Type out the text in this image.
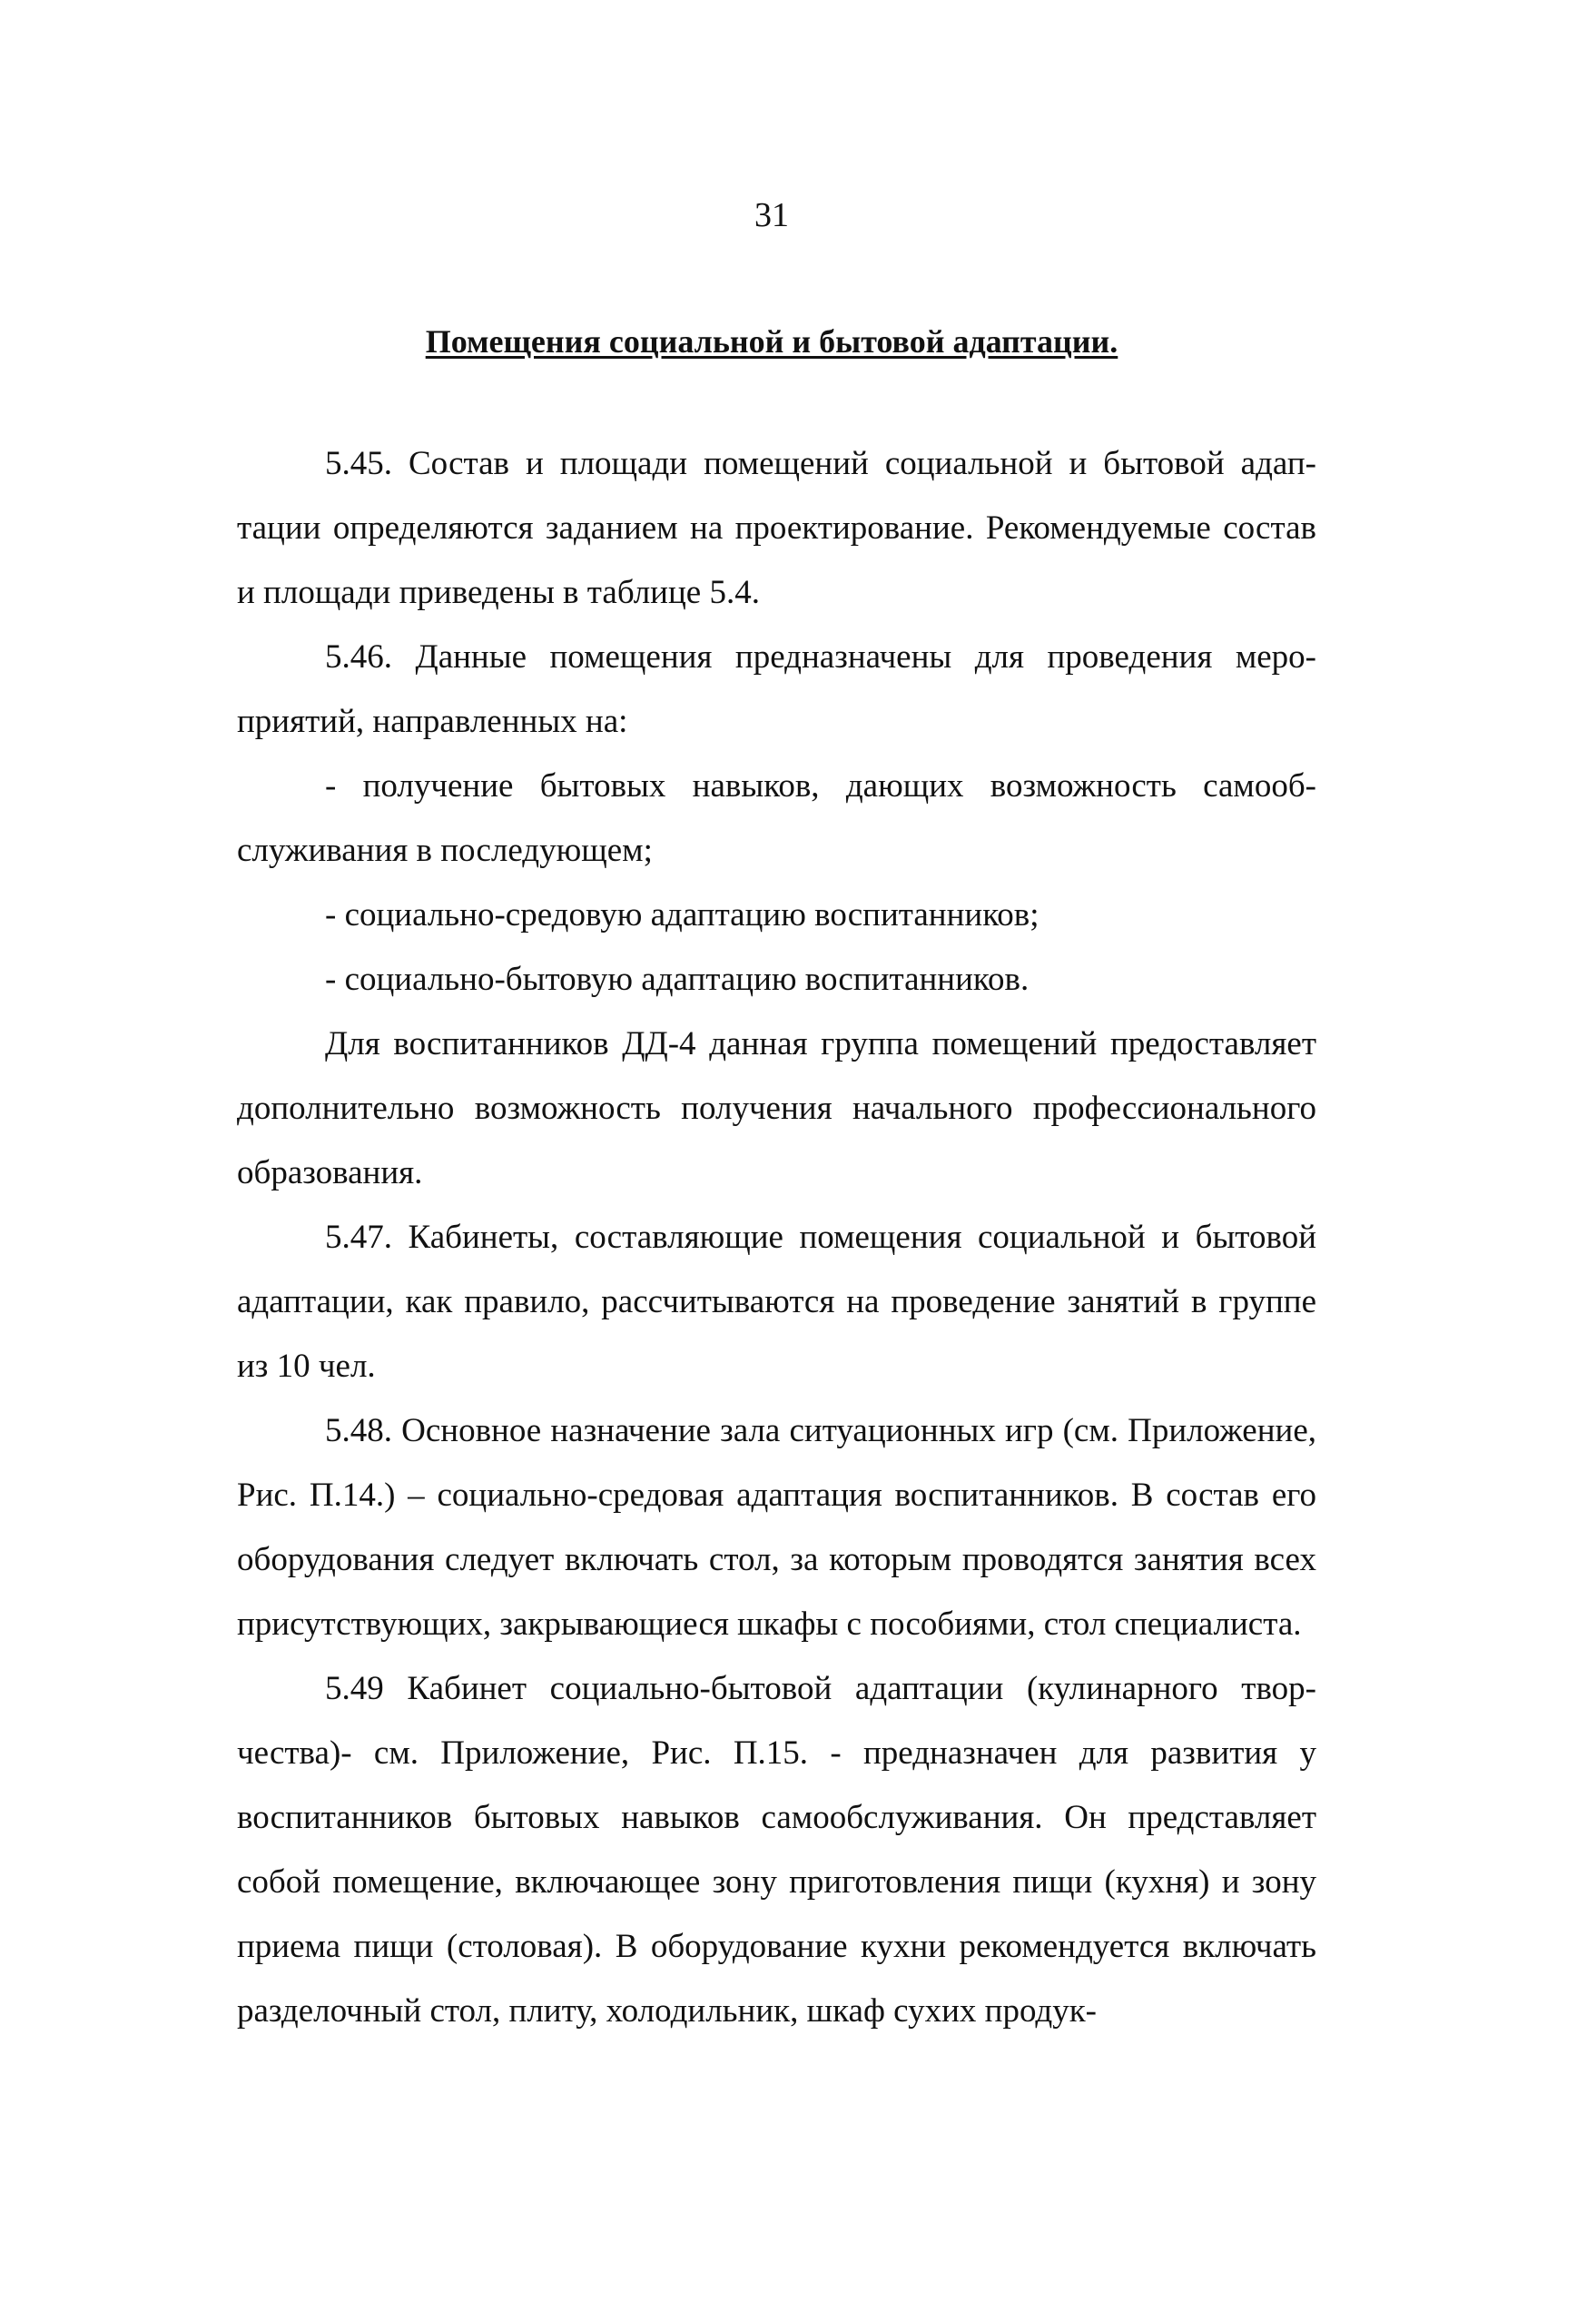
31
Помещения социальной и бытовой адаптации.

5.45. Состав и площади помещений социальной и бытовой адаптации определяются заданием на проектирование. Рекомендуемые состав и площади приведены в таблице 5.4.

5.46. Данные помещения предназначены для проведения мероприятий, направленных на:

- получение бытовых навыков, дающих возможность самообслуживания в последующем;

- социально-средовую адаптацию воспитанников;

- социально-бытовую адаптацию воспитанников.

Для воспитанников ДД-4 данная группа помещений предоставляет дополнительно возможность получения начального профессионального образования.

5.47. Кабинеты, составляющие помещения социальной и бытовой адаптации, как правило, рассчитываются на проведение занятий в группе из 10 чел.

5.48. Основное назначение зала ситуационных игр (см. Приложение, Рис. П.14.) – социально-средовая адаптация воспитанников. В состав его оборудования следует включать стол, за которым проводятся занятия всех присутствующих, закрывающиеся шкафы с пособиями, стол специалиста.

5.49 Кабинет социально-бытовой адаптации (кулинарного творчества)- см. Приложение, Рис. П.15. - предназначен для развития у воспитанников бытовых навыков самообслуживания. Он представляет собой помещение, включающее зону приготовления пищи (кухня) и зону приема пищи (столовая). В оборудование кухни рекомендуется включать разделочный стол, плиту, холодильник, шкаф сухих продук-
